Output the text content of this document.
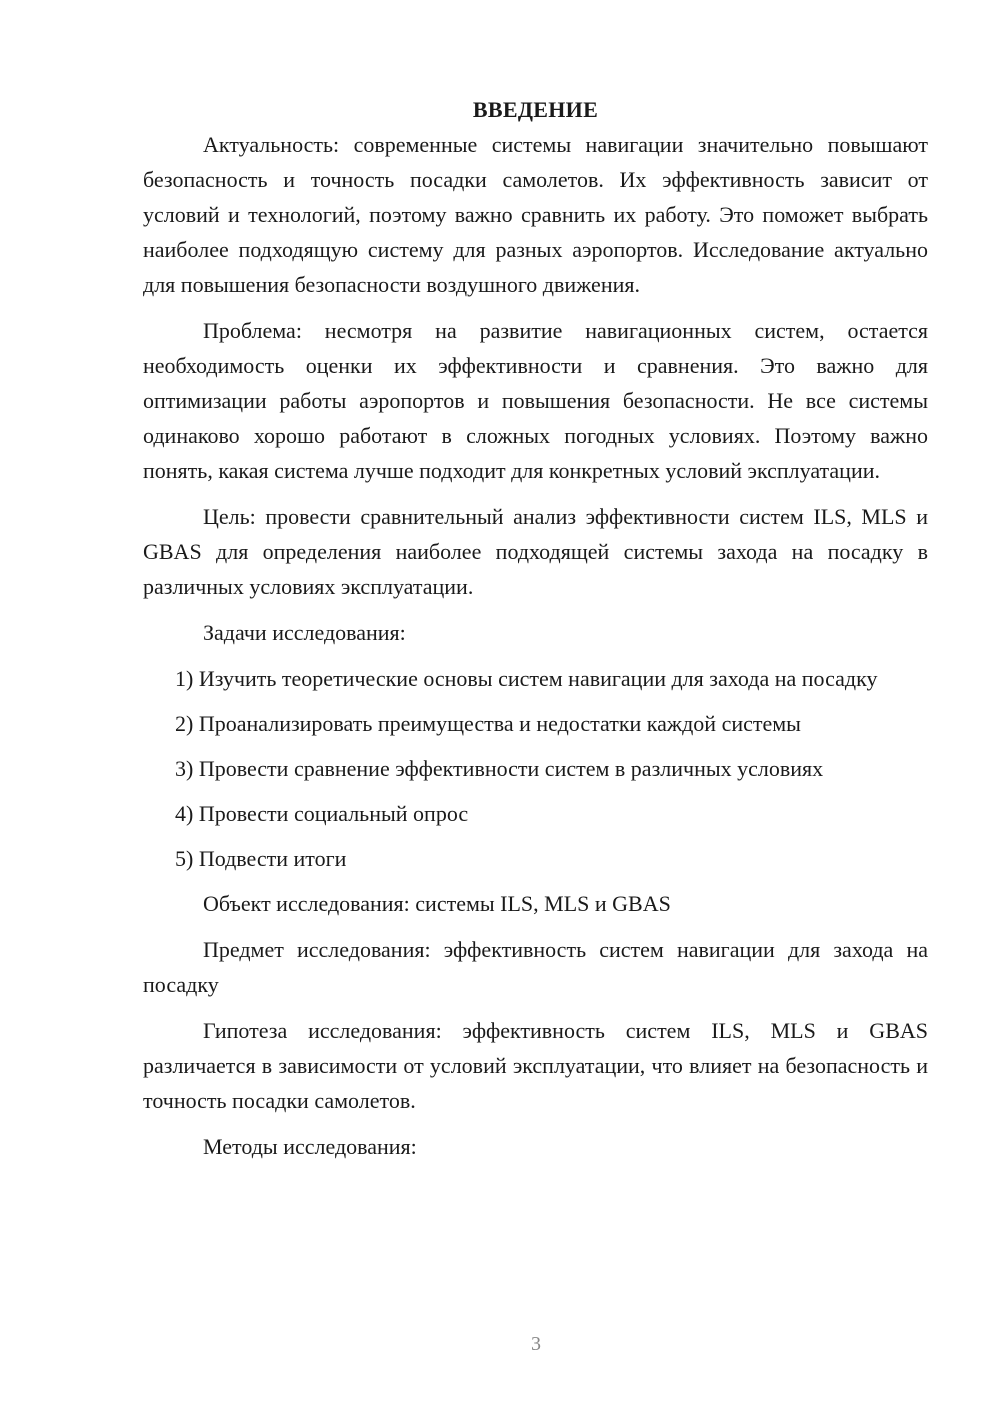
ВВЕДЕНИЕ

Актуальность: современные системы навигации значительно повышают безопасность и точность посадки самолетов. Их эффективность зависит от условий и технологий, поэтому важно сравнить их работу. Это поможет выбрать наиболее подходящую систему для разных аэропортов. Исследование актуально для повышения безопасности воздушного движения.

Проблема: несмотря на развитие навигационных систем, остается необходимость оценки их эффективности и сравнения. Это важно для оптимизации работы аэропортов и повышения безопасности. Не все системы одинаково хорошо работают в сложных погодных условиях. Поэтому важно понять, какая система лучше подходит для конкретных условий эксплуатации.

Цель: провести сравнительный анализ эффективности систем ILS, MLS и GBAS для определения наиболее подходящей системы захода на посадку в различных условиях эксплуатации.

Задачи исследования:

1) Изучить теоретические основы систем навигации для захода на посадку

2) Проанализировать преимущества и недостатки каждой системы

3) Провести сравнение эффективности систем в различных условиях

4) Провести социальный опрос

5) Подвести итоги

Объект исследования: системы ILS, MLS и GBAS

Предмет исследования: эффективность систем навигации для захода на посадку

Гипотеза исследования: эффективность систем ILS, MLS и GBAS различается в зависимости от условий эксплуатации, что влияет на безопасность и точность посадки самолетов.

Методы исследования:

3
